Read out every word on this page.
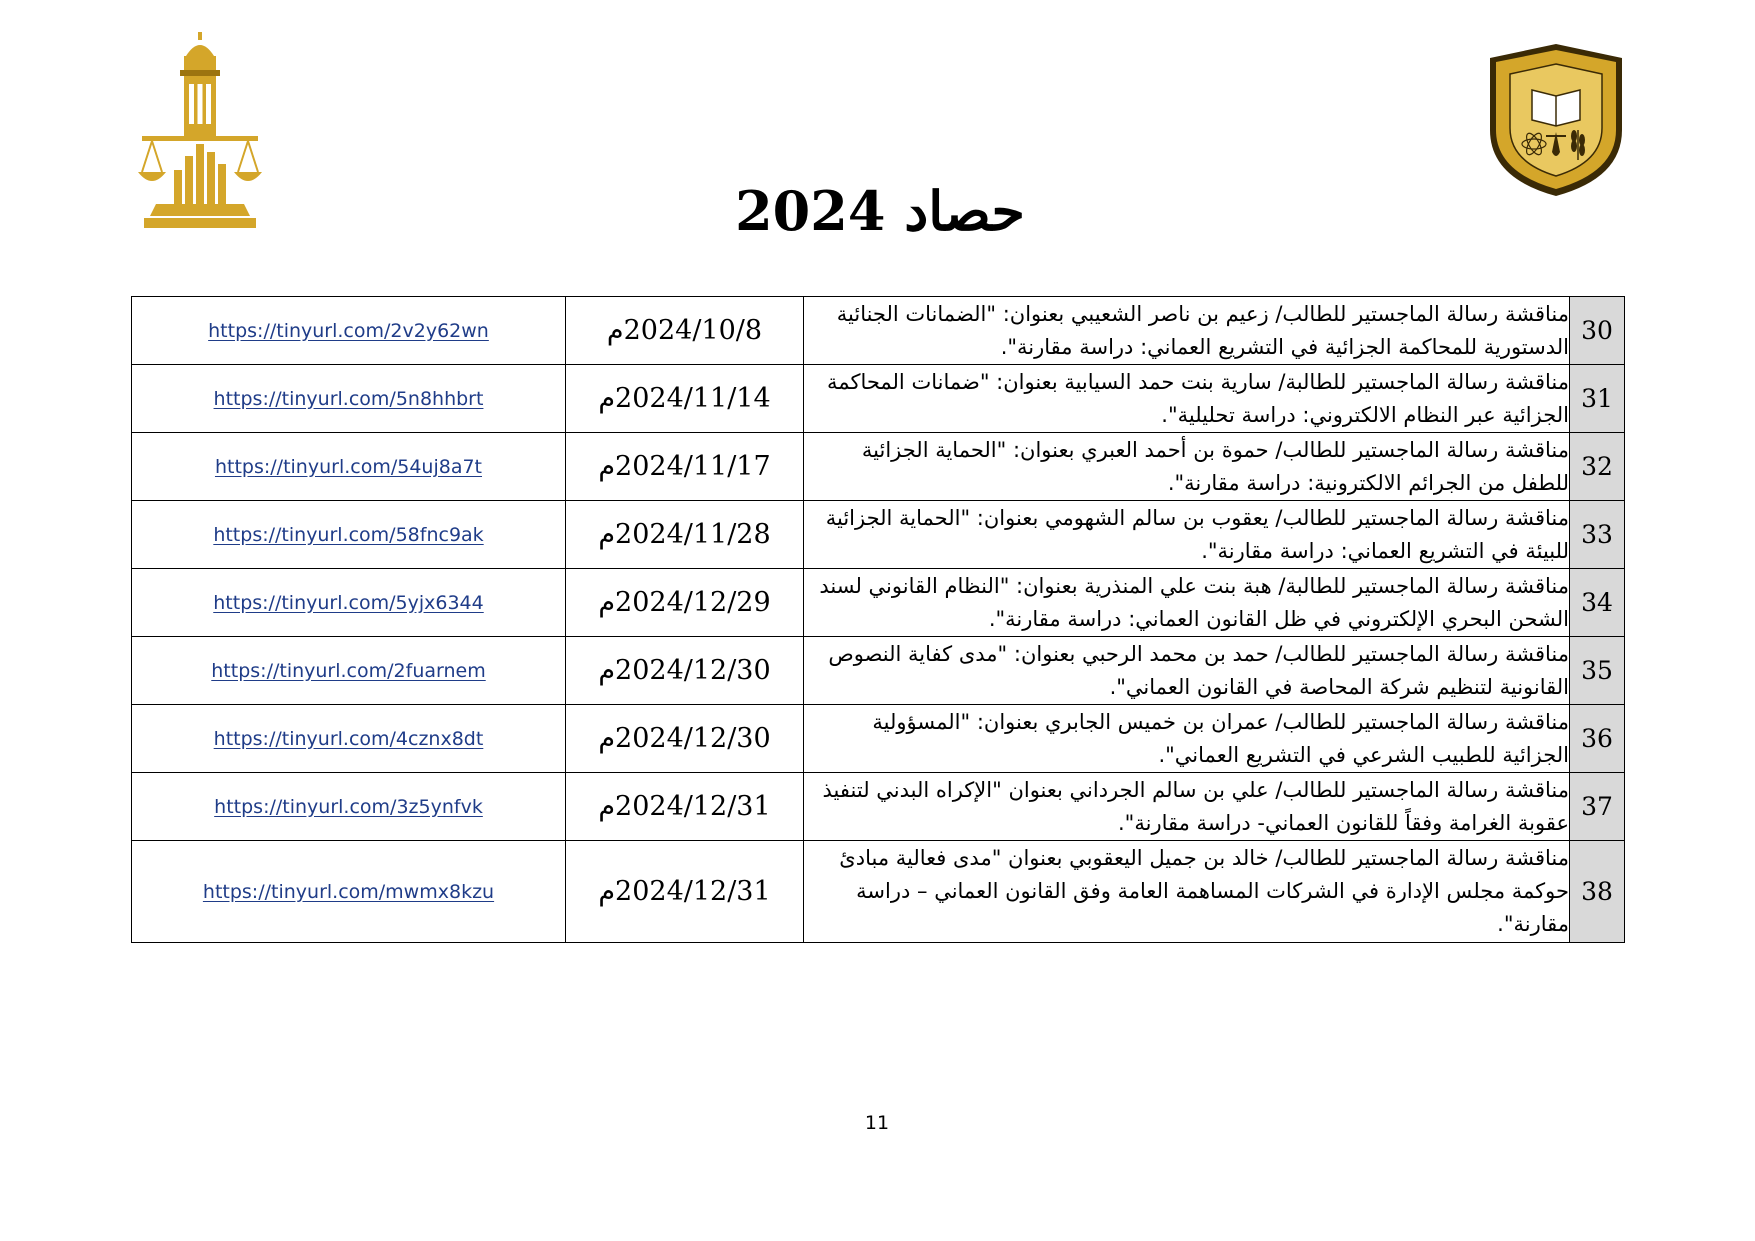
حصاد 2024
https://tinyurl.com/2v2y62wn	2024/10/8م	مناقشة رسالة الماجستير للطالب/ زعيم بن ناصر الشعيبي بعنوان: "الضمانات الجنائية الدستورية للمحاكمة الجزائية في التشريع العماني: دراسة مقارنة".	30
https://tinyurl.com/5n8hhbrt	2024/11/14م	مناقشة رسالة الماجستير للطالبة/ سارية بنت حمد السيابية بعنوان: "ضمانات المحاكمة الجزائية عبر النظام الالكتروني: دراسة تحليلية".	31
https://tinyurl.com/54uj8a7t	2024/11/17م	مناقشة رسالة الماجستير للطالب/ حموة بن أحمد العبري بعنوان: "الحماية الجزائية للطفل من الجرائم الالكترونية: دراسة مقارنة".	32
https://tinyurl.com/58fnc9ak	2024/11/28م	مناقشة رسالة الماجستير للطالب/ يعقوب بن سالم الشهومي بعنوان: "الحماية الجزائية للبيئة في التشريع العماني: دراسة مقارنة".	33
https://tinyurl.com/5yjx6344	2024/12/29م	مناقشة رسالة الماجستير للطالبة/ هبة بنت علي المنذرية بعنوان: "النظام القانوني لسند الشحن البحري الإلكتروني في ظل القانون العماني: دراسة مقارنة".	34
https://tinyurl.com/2fuarnem	2024/12/30م	مناقشة رسالة الماجستير للطالب/ حمد بن محمد الرحبي بعنوان: "مدى كفاية النصوص القانونية لتنظيم شركة المحاصة في القانون العماني".	35
https://tinyurl.com/4cznx8dt	2024/12/30م	مناقشة رسالة الماجستير للطالب/ عمران بن خميس الجابري بعنوان: "المسؤولية الجزائية للطبيب الشرعي في التشريع العماني".	36
https://tinyurl.com/3z5ynfvk	2024/12/31م	مناقشة رسالة الماجستير للطالب/ علي بن سالم الجرداني بعنوان "الإكراه البدني لتنفيذ عقوبة الغرامة وفقاً للقانون العماني- دراسة مقارنة".	37
https://tinyurl.com/mwmx8kzu	2024/12/31م	مناقشة رسالة الماجستير للطالب/ خالد بن جميل اليعقوبي بعنوان "مدى فعالية مبادئ حوكمة مجلس الإدارة في الشركات المساهمة العامة وفق القانون العماني – دراسة مقارنة".	38
11
